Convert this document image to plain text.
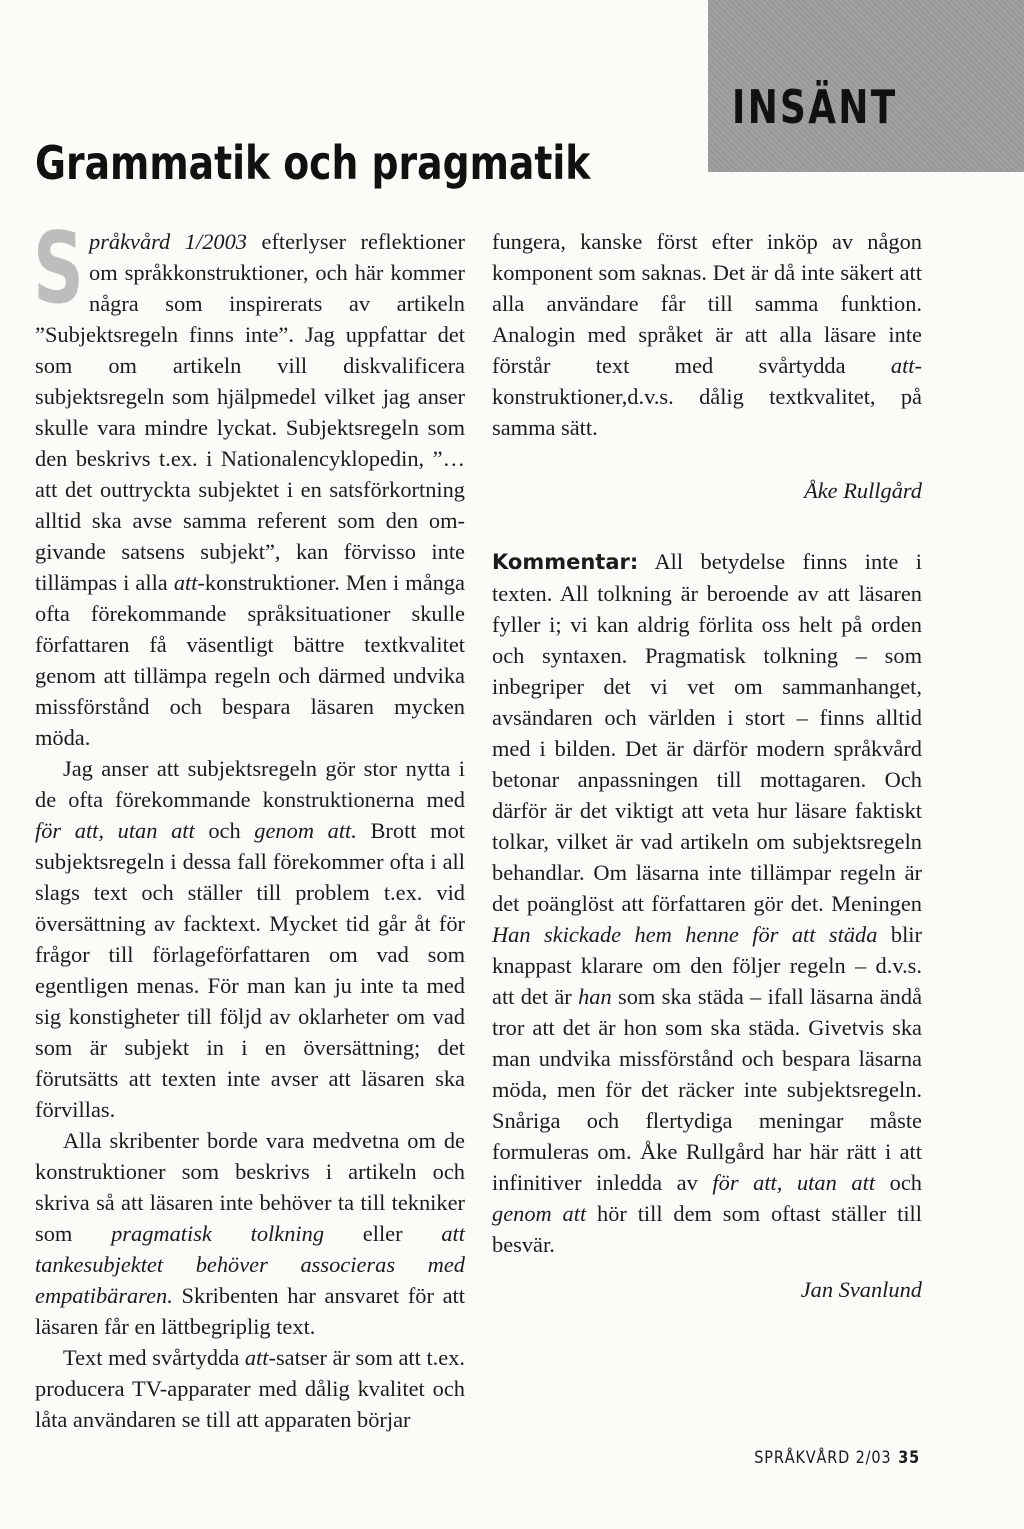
INSÄNT
Grammatik och pragmatik

Språkvård 1/2003 efterlyser reflektioner om språkkonstruktioner, och här kommer några som inspirerats av artikeln ”Subjektsregeln finns inte”. Jag uppfattar det som om artikeln vill diskvalificera subjektsregeln som hjälpmedel vilket jag anser skulle vara mindre lyckat. Subjektsregeln som den beskrivs t.ex. i Nationalencyklopedin, ”…att det outtryckta subjektet i en satsförkortning alltid ska avse samma referent som den omgivande satsens subjekt”, kan förvisso inte tillämpas i alla att-konstruktioner. Men i många ofta förekommande språksituationer skulle författaren få väsentligt bättre textkvalitet genom att tillämpa regeln och därmed undvika missförstånd och bespara läsaren mycken möda.

Jag anser att subjektsregeln gör stor nytta i de ofta förekommande konstruktionerna med för att, utan att och genom att. Brott mot subjektsregeln i dessa fall förekommer ofta i all slags text och ställer till problem t.ex. vid översättning av facktext. Mycket tid går åt för frågor till förlageförfattaren om vad som egentligen menas. För man kan ju inte ta med sig konstigheter till följd av oklarheter om vad som är subjekt in i en översättning; det förutsätts att texten inte avser att läsaren ska förvillas.

Alla skribenter borde vara medvetna om de konstruktioner som beskrivs i artikeln och skriva så att läsaren inte behöver ta till tekniker som pragmatisk tolkning eller att tankesubjektet behöver associeras med empatibäraren. Skribenten har ansvaret för att läsaren får en lättbegriplig text.

Text med svårtydda att-satser är som att t.ex. producera TV-apparater med dålig kvalitet och låta användaren se till att apparaten börjar

fungera, kanske först efter inköp av någon komponent som saknas. Det är då inte säkert att alla användare får till samma funktion. Analogin med språket är att alla läsare inte förstår text med svårtydda att-konstruktioner,d.v.s. dålig textkvalitet, på samma sätt.

Åke Rullgård

Kommentar: All betydelse finns inte i texten. All tolkning är beroende av att läsaren fyller i; vi kan aldrig förlita oss helt på orden och syntaxen. Pragmatisk tolkning – som inbegriper det vi vet om sammanhanget, avsändaren och världen i stort – finns alltid med i bilden. Det är därför modern språkvård betonar anpassningen till mottagaren. Och därför är det viktigt att veta hur läsare faktiskt tolkar, vilket är vad artikeln om subjektsregeln behandlar. Om läsarna inte tillämpar regeln är det poänglöst att författaren gör det. Meningen Han skickade hem henne för att städa blir knappast klarare om den följer regeln – d.v.s. att det är han som ska städa – ifall läsarna ändå tror att det är hon som ska städa. Givetvis ska man undvika missförstånd och bespara läsarna möda, men för det räcker inte subjektsregeln. Snåriga och flertydiga meningar måste formuleras om. Åke Rullgård har här rätt i att infinitiver inledda av för att, utan att och genom att hör till dem som oftast ställer till besvär.

Jan Svanlund

SPRÅKVÅRD 2/03 35
